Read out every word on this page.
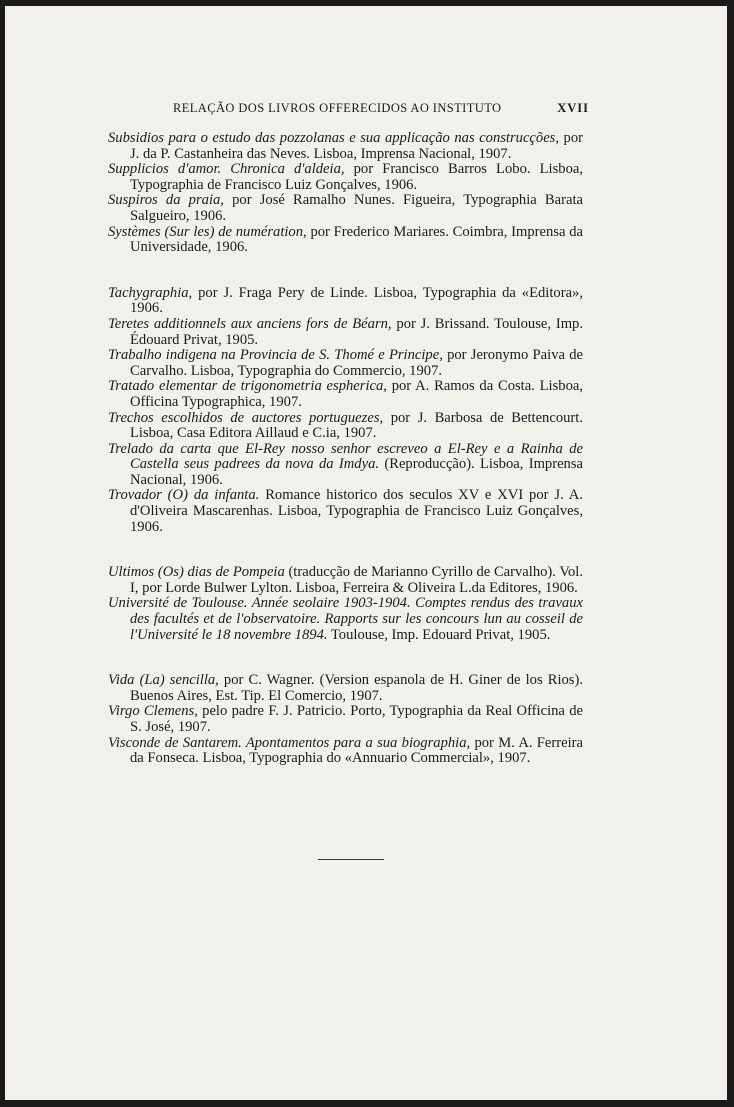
RELAÇÃO DOS LIVROS OFFERECIDOS AO INSTITUTO	XVII

Subsidios para o estudo das pozzolanas e sua applicação nas construcções, por J. da P. Castanheira das Neves. Lisboa, Imprensa Nacional, 1907.

Supplicios d'amor. Chronica d'aldeia, por Francisco Barros Lobo. Lisboa, Typographia de Francisco Luiz Gonçalves, 1906.

Suspiros da praia, por José Ramalho Nunes. Figueira, Typographia Barata Salgueiro, 1906.

Systèmes (Sur les) de numération, por Frederico Mariares. Coimbra, Imprensa da Universidade, 1906.

Tachygraphia, por J. Fraga Pery de Linde. Lisboa, Typographia da «Editora», 1906.

Teretes additionnels aux anciens fors de Béarn, por J. Brissand. Toulouse, Imp. Édouard Privat, 1905.

Trabalho indigena na Provincia de S. Thomé e Principe, por Jeronymo Paiva de Carvalho. Lisboa, Typographia do Commercio, 1907.

Tratado elementar de trigonometria espherica, por A. Ramos da Costa. Lisboa, Officina Typographica, 1907.

Trechos escolhidos de auctores portuguezes, por J. Barbosa de Bettencourt. Lisboa, Casa Editora Aillaud e C.ia, 1907.

Trelado da carta que El-Rey nosso senhor escreveo a El-Rey e a Rainha de Castella seus padrees da nova da Imdya. (Reproducção). Lisboa, Imprensa Nacional, 1906.

Trovador (O) da infanta. Romance historico dos seculos XV e XVI por J. A. d'Oliveira Mascarenhas. Lisboa, Typographia de Francisco Luiz Gonçalves, 1906.

Ultimos (Os) dias de Pompeia (traducção de Marianno Cyrillo de Carvalho). Vol. I, por Lorde Bulwer Lylton. Lisboa, Ferreira & Oliveira L.da Editores, 1906.

Université de Toulouse. Année seolaire 1903-1904. Comptes rendus des travaux des facultés et de l'observatoire. Rapports sur les concours lun au cosseil de l'Université le 18 novembre 1894. Toulouse, Imp. Edouard Privat, 1905.

Vida (La) sencilla, por C. Wagner. (Version espanola de H. Giner de los Rios). Buenos Aires, Est. Tip. El Comercio, 1907.

Virgo Clemens, pelo padre F. J. Patricio. Porto, Typographia da Real Officina de S. José, 1907.

Visconde de Santarem. Apontamentos para a sua biographia, por M. A. Ferreira da Fonseca. Lisboa, Typographia do «Annuario Commercial», 1907.
